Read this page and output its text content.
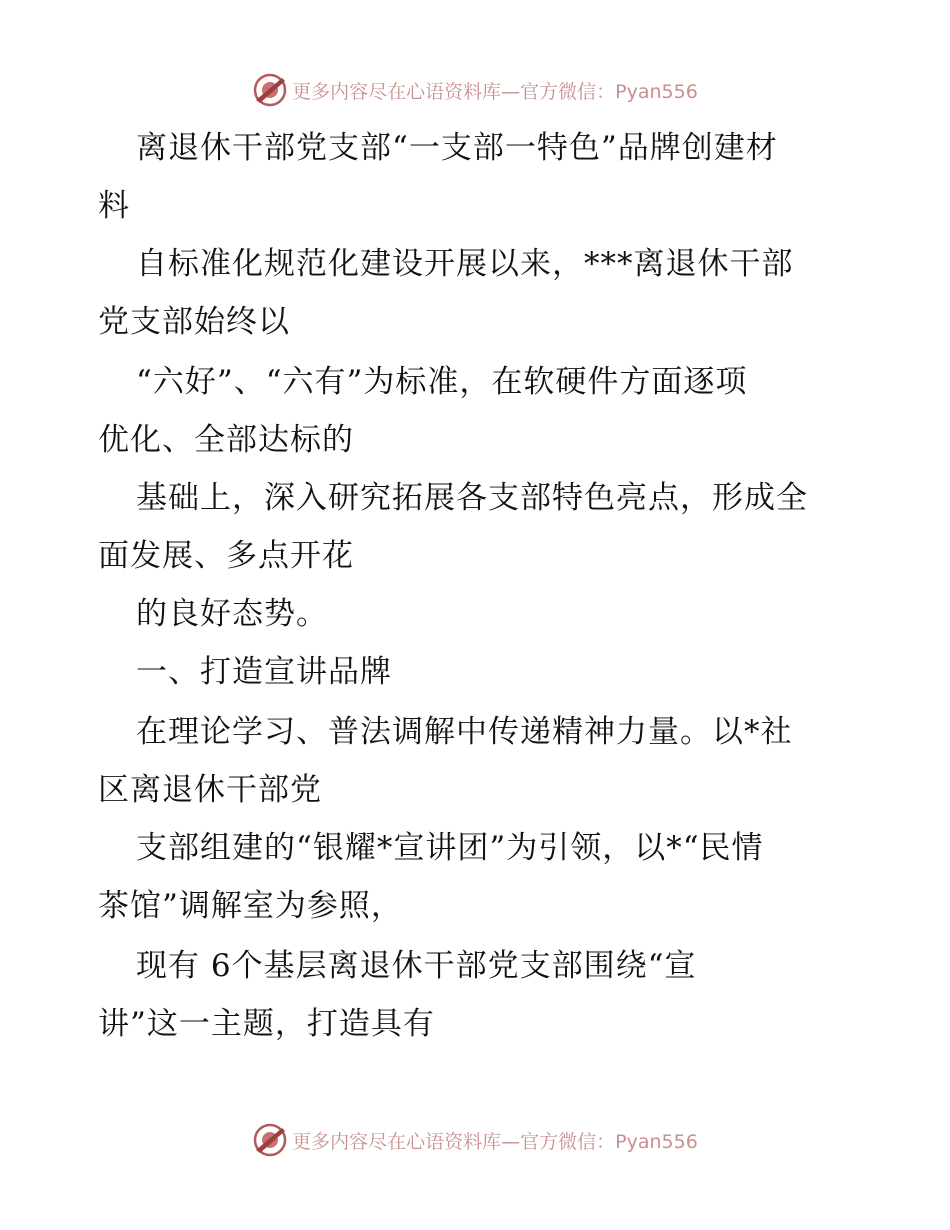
更多内容尽在心语资料库—官方微信：Pyan556
离退休干部党支部“一支部一特色”品牌创建材
料
自标准化规范化建设开展以来，***离退休干部
党支部始终以
“六好”、“六有”为标准，在软硬件方面逐项
优化、全部达标的
基础上，深入研究拓展各支部特色亮点，形成全
面发展、多点开花
的良好态势。
一、打造宣讲品牌
在理论学习、普法调解中传递精神力量。以*社
区离退休干部党
支部组建的“银耀*宣讲团”为引领，以*“民情
茶馆”调解室为参照，
现有 6个基层离退休干部党支部围绕“宣
讲”这一主题，打造具有
更多内容尽在心语资料库—官方微信：Pyan556
